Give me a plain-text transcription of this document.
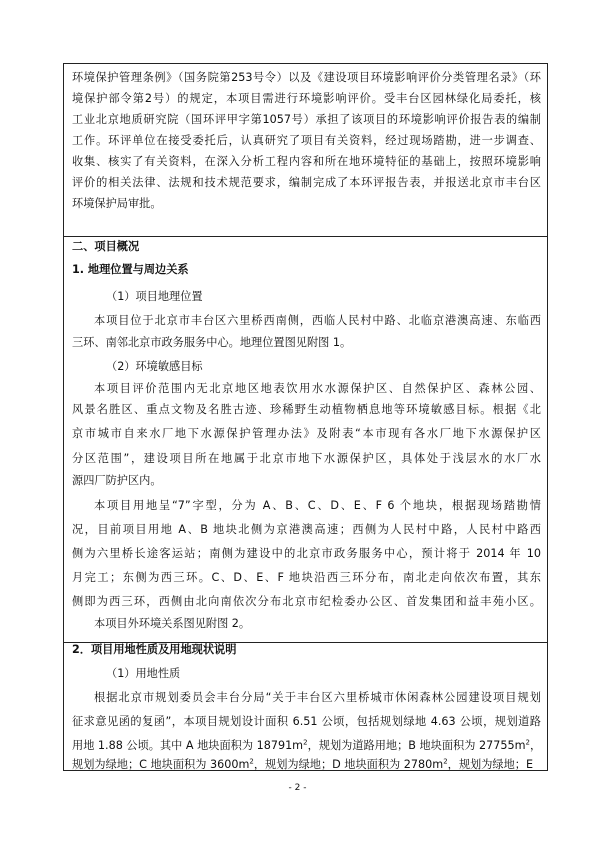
环境保护管理条例》（国务院第253号令）以及《建设项目环境影响评价分类管理名录》（环
境保护部令第2号）的规定，本项目需进行环境影响评价。受丰台区园林绿化局委托，核
工业北京地质研究院（国环评甲字第1057号）承担了该项目的环境影响评价报告表的编制
工作。环评单位在接受委托后，认真研究了项目有关资料，经过现场踏勘，进一步调查、
收集、核实了有关资料，在深入分析工程内容和所在地环境特征的基础上，按照环境影响
评价的相关法律、法规和技术规范要求，编制完成了本环评报告表，并报送北京市丰台区
环境保护局审批。
二、项目概况
1. 地理位置与周边关系
（1）项目地理位置
本项目位于北京市丰台区六里桥西南侧，西临人民村中路、北临京港澳高速、东临西
三环、南邻北京市政务服务中心。地理位置图见附图 1。
（2）环境敏感目标
本项目评价范围内无北京地区地表饮用水水源保护区、自然保护区、森林公园、
风景名胜区、重点文物及名胜古迹、珍稀野生动植物栖息地等环境敏感目标。根据《北
京市城市自来水厂地下水源保护管理办法》及附表“本市现有各水厂地下水源保护区
分区范围”，建设项目所在地属于北京市地下水源保护区，具体处于浅层水的水厂水
源四厂防护区内。
本项目用地呈“7”字型，分为 A、B、C、D、E、F 6 个地块，根据现场踏勘情
况，目前项目用地 A、B 地块北侧为京港澳高速；西侧为人民村中路，人民村中路西
侧为六里桥长途客运站；南侧为建设中的北京市政务服务中心，预计将于 2014 年 10
月完工；东侧为西三环。C、D、E、F 地块沿西三环分布，南北走向依次布置，其东
侧即为西三环，西侧由北向南依次分布北京市纪检委办公区、首发集团和益丰苑小区。
本项目外环境关系图见附图 2。
2．项目用地性质及用地现状说明
（1）用地性质
根据北京市规划委员会丰台分局“关于丰台区六里桥城市休闲森林公园建设项目规划
征求意见函的复函”，本项目规划设计面积 6.51 公顷，包括规划绿地 4.63 公顷，规划道路
用地 1.88 公顷。其中 A 地块面积为 $18791m^2$，规划为道路用地；B 地块面积为 $27755m^2$，
规划为绿地；C 地块面积为 $3600m^2$，规划为绿地；D 地块面积为 $2780m^2$，规划为绿地；E
- 2 -
